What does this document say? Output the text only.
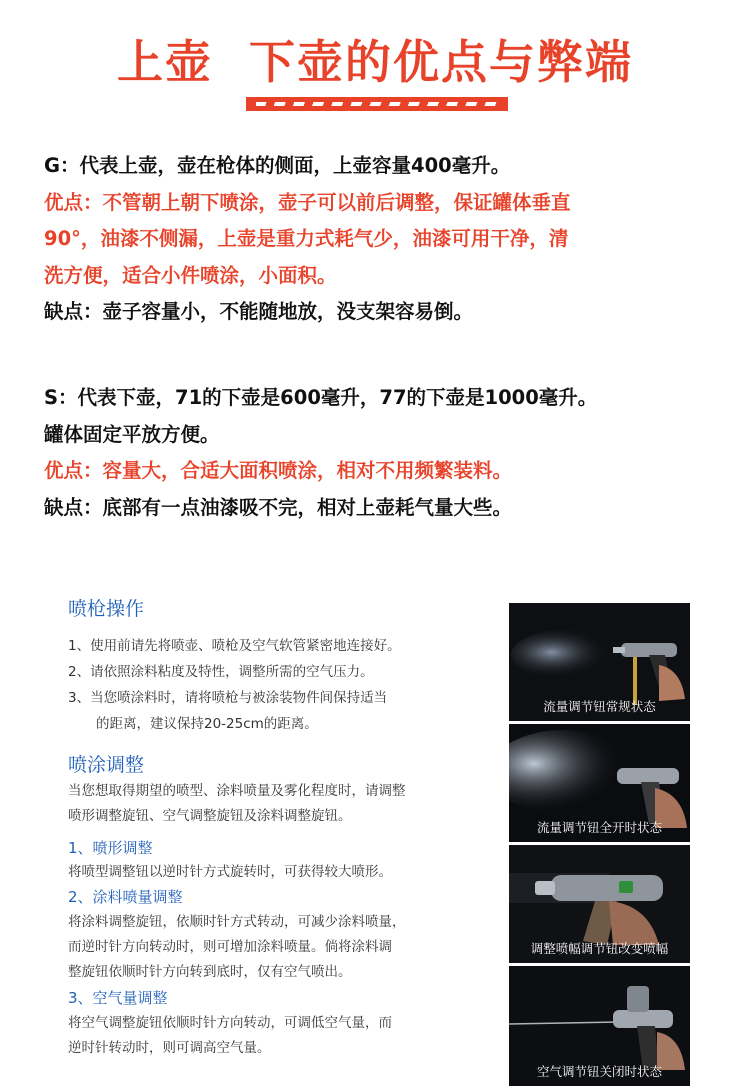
上壶  下壶的优点与弊端
G：代表上壶，壶在枪体的侧面，上壶容量400毫升。
优点：不管朝上朝下喷涂，壶子可以前后调整，保证罐体垂直
90°，油漆不侧漏，上壶是重力式耗气少，油漆可用干净，清
洗方便，适合小件喷涂，小面积。
缺点：壶子容量小，不能随地放，没支架容易倒。
S：代表下壶，71的下壶是600毫升，77的下壶是1000毫升。
罐体固定平放方便。
优点：容量大，合适大面积喷涂，相对不用频繁装料。
缺点：底部有一点油漆吸不完，相对上壶耗气量大些。
喷枪操作
1、使用前请先将喷壶、喷枪及空气软管紧密地连接好。
2、请依照涂料粘度及特性，调整所需的空气压力。
3、当您喷涂料时，请将喷枪与被涂装物件间保持适当
的距离，建议保持20-25cm的距离。
喷涂调整
当您想取得期望的喷型、涂料喷量及雾化程度时，请调整
喷形调整旋钮、空气调整旋钮及涂料调整旋钮。
1、喷形调整
将喷型调整钮以逆时针方式旋转时，可获得较大喷形。
2、涂料喷量调整
将涂料调整旋钮，依顺时针方式转动，可减少涂料喷量，
而逆时针方向转动时，则可增加涂料喷量。倘将涂料调
整旋钮依顺时针方向转到底时，仅有空气喷出。
3、空气量调整
将空气调整旋钮依顺时针方向转动，可调低空气量，而
逆时针转动时，则可调高空气量。
流量调节钮常规状态
流量调节钮全开时状态
调整喷幅调节钮改变喷幅
空气调节钮关闭时状态
